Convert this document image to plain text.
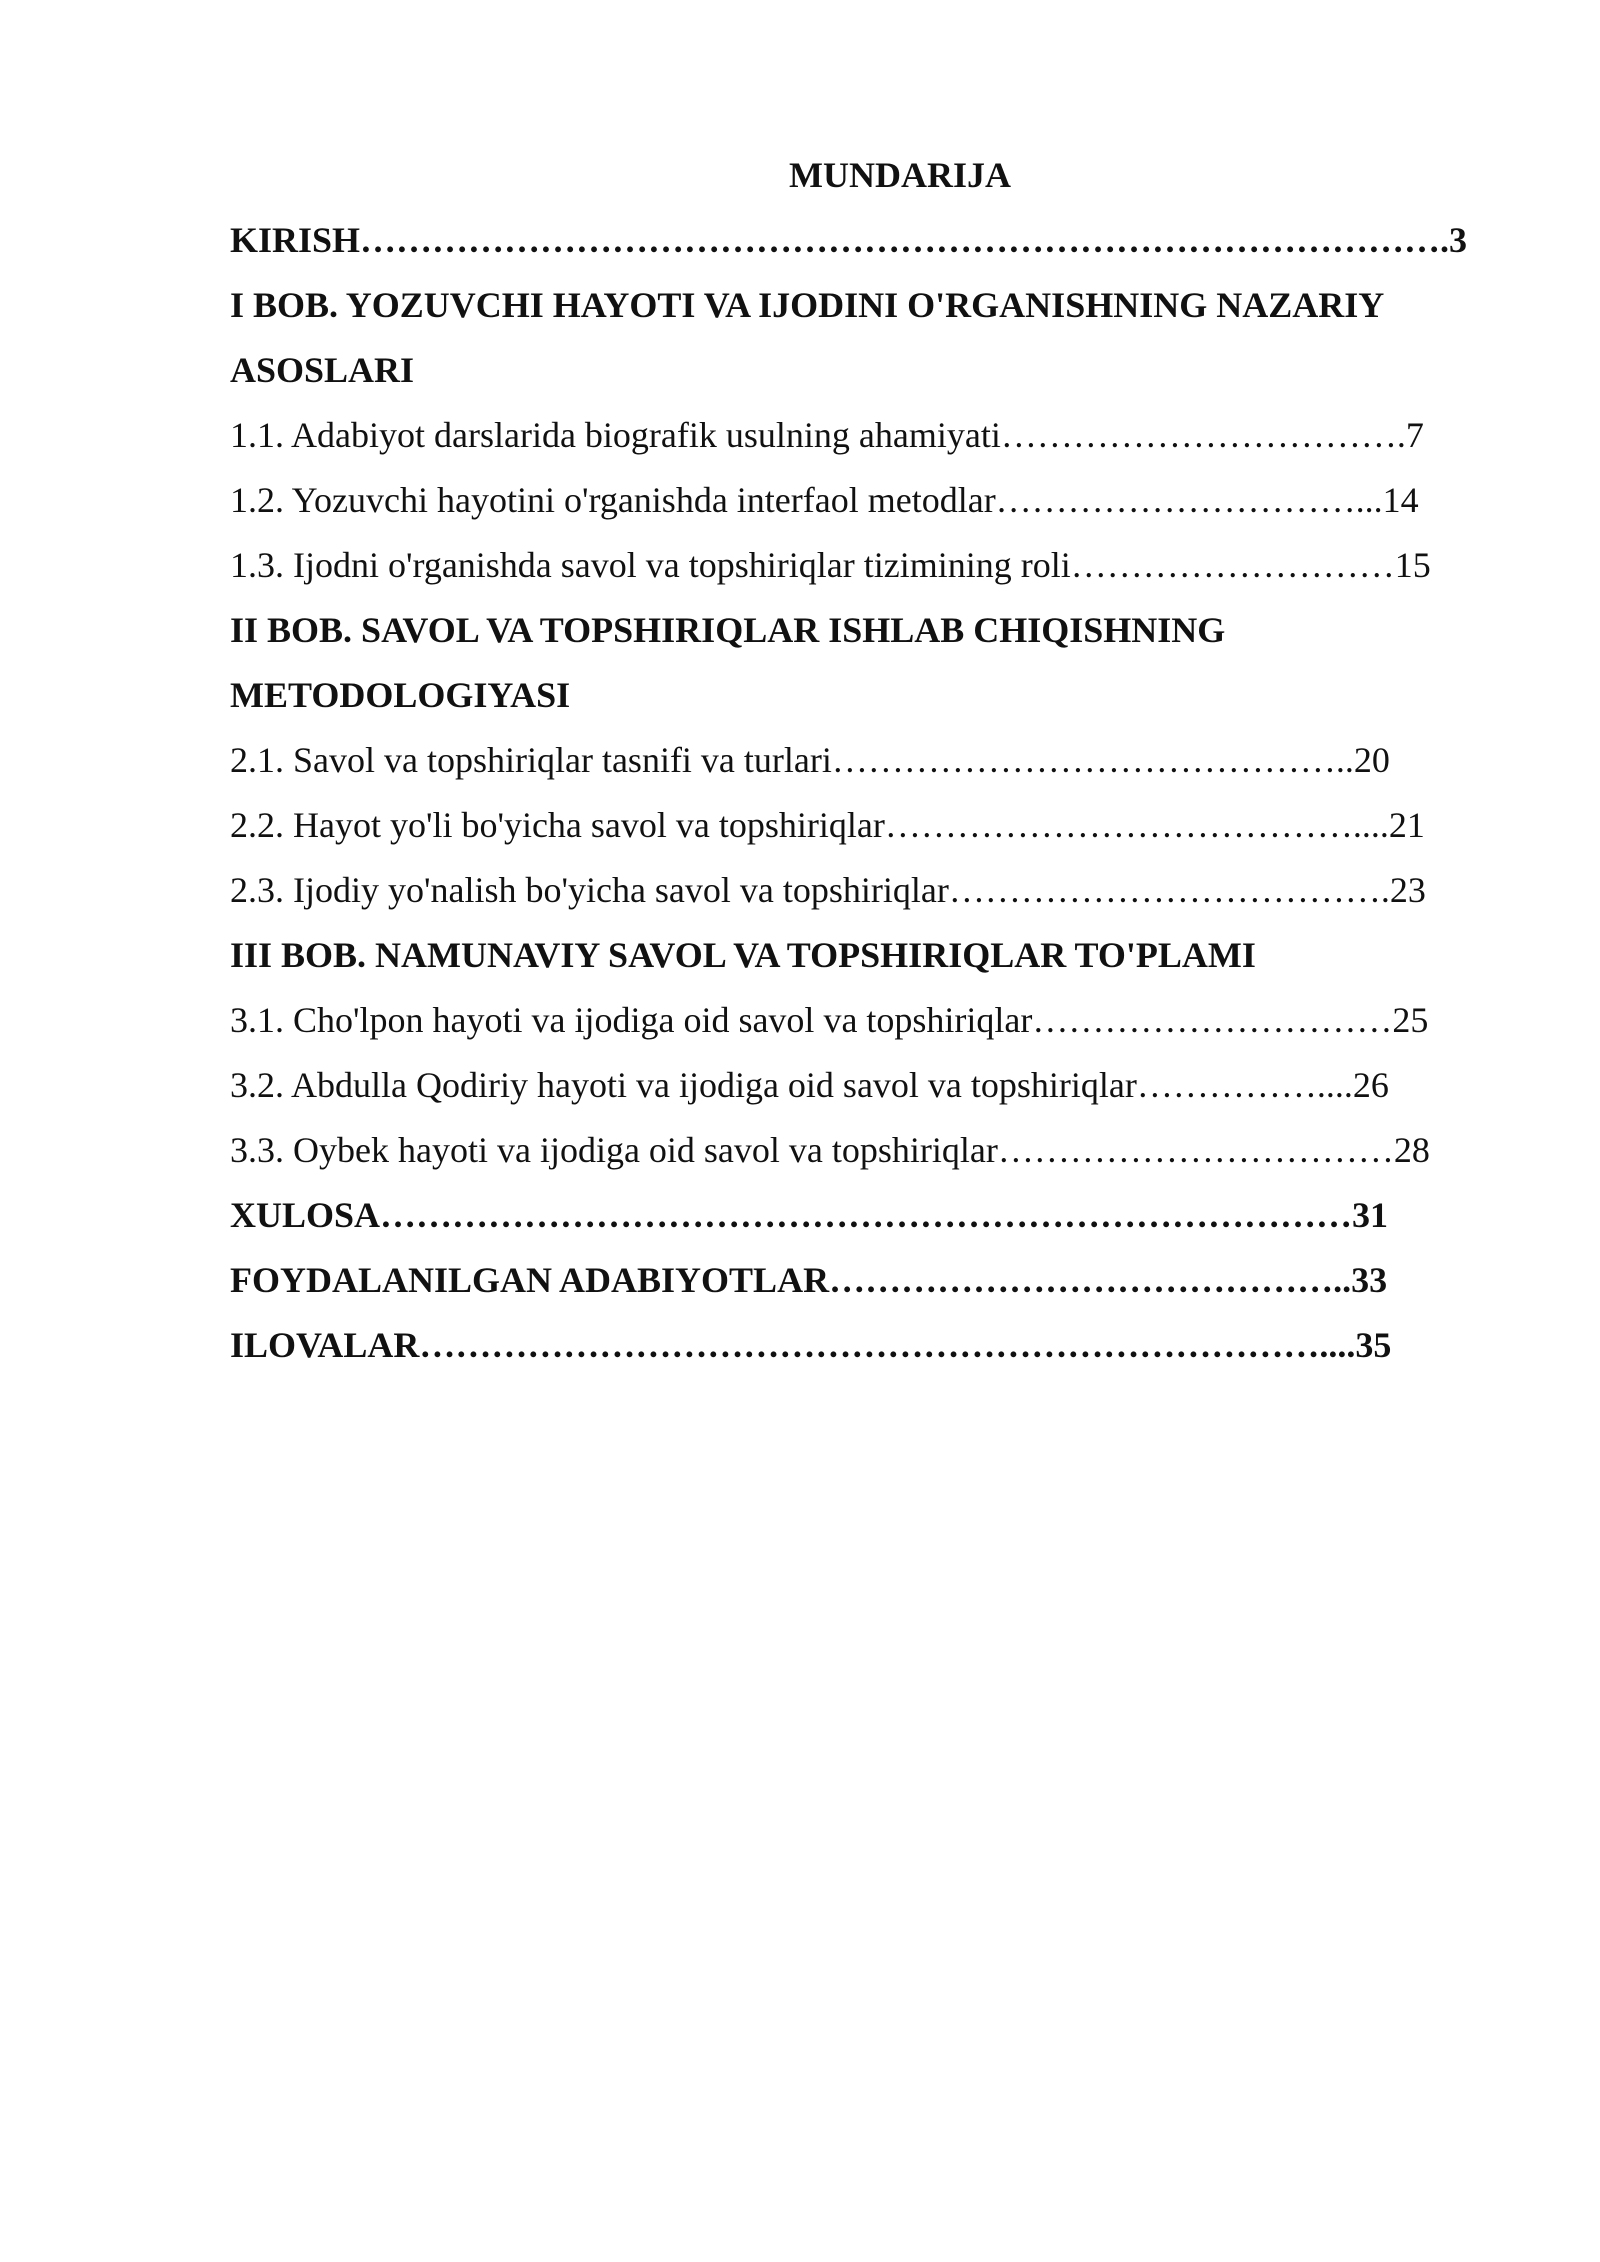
MUNDARIJA
KIRISH……………………………………………………………………………….3
I BOB. YOZUVCHI HAYOTI VA IJODINI O'RGANISHNING NAZARIY
ASOSLARI
1.1. Adabiyot darslarida biografik usulning ahamiyati…………………………….7
1.2. Yozuvchi hayotini o'rganishda interfaol metodlar…………………………...14
1.3. Ijodni o'rganishda savol va topshiriqlar tizimining roli………………………15
II BOB. SAVOL VA TOPSHIRIQLAR ISHLAB CHIQISHNING
METODOLOGIYASI
2.1. Savol va topshiriqlar tasnifi va turlari……………………………………..20
2.2. Hayot yo'li bo'yicha savol va topshiriqlar…………………………………....21
2.3. Ijodiy yo'nalish bo'yicha savol va topshiriqlar……………………………….23
III BOB. NAMUNAVIY SAVOL VA TOPSHIRIQLAR TO'PLAMI
3.1. Cho'lpon hayoti va ijodiga oid savol va topshiriqlar…………………………25
3.2. Abdulla Qodiriy hayoti va ijodiga oid savol va topshiriqlar……………....26
3.3. Oybek hayoti va ijodiga oid savol va topshiriqlar……………………………28
XULOSA………………………………………………………………………31
FOYDALANILGAN ADABIYOTLAR……………………………………..33
ILOVALAR…………………………………………………………………....35
